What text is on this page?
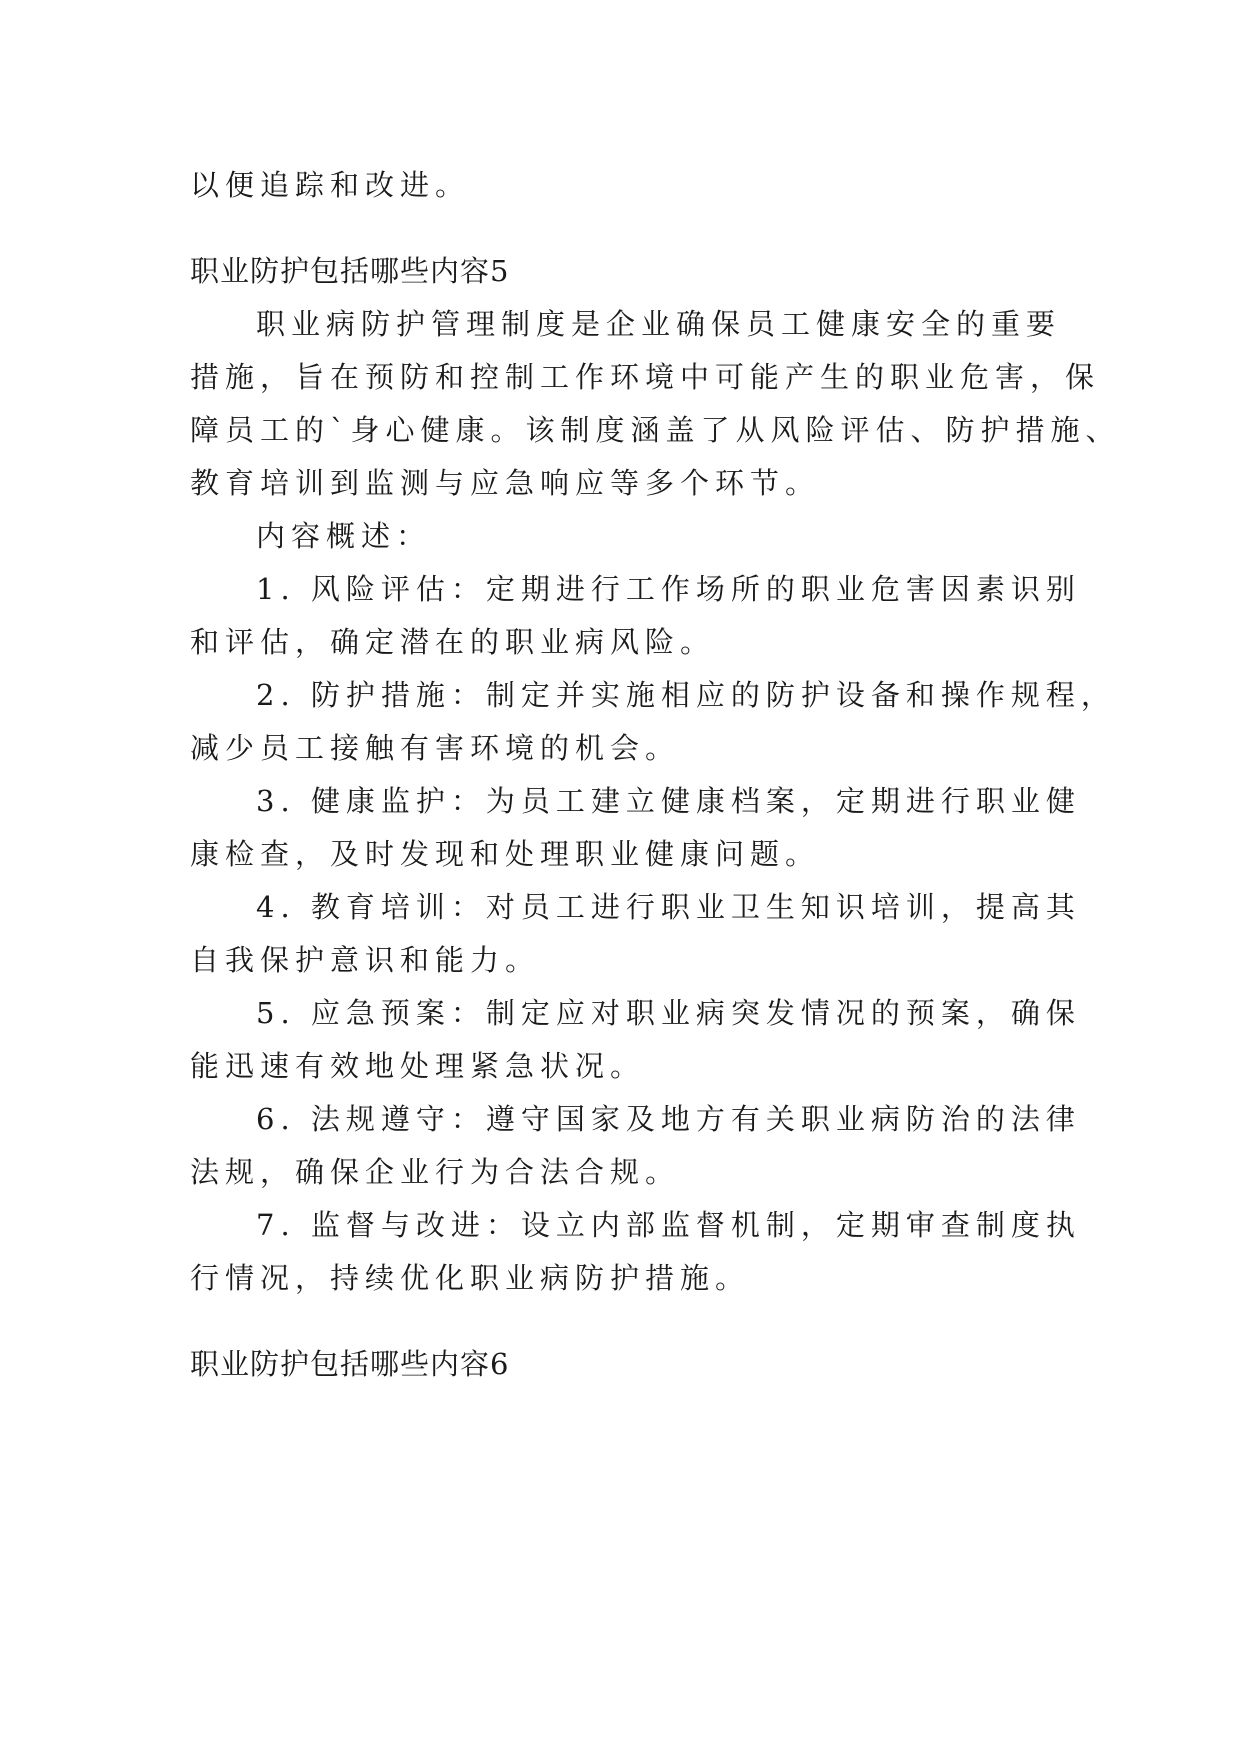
以便追踪和改进。
职业防护包括哪些内容5
职业病防护管理制度是企业确保员工健康安全的重要
措施，旨在预防和控制工作环境中可能产生的职业危害，保
障员工的`身心健康。该制度涵盖了从风险评估、防护措施、
教育培训到监测与应急响应等多个环节。
内容概述：
1. 风险评估：定期进行工作场所的职业危害因素识别
和评估，确定潜在的职业病风险。
2. 防护措施：制定并实施相应的防护设备和操作规程，
减少员工接触有害环境的机会。
3. 健康监护：为员工建立健康档案，定期进行职业健
康检查，及时发现和处理职业健康问题。
4. 教育培训：对员工进行职业卫生知识培训，提高其
自我保护意识和能力。
5. 应急预案：制定应对职业病突发情况的预案，确保
能迅速有效地处理紧急状况。
6. 法规遵守：遵守国家及地方有关职业病防治的法律
法规，确保企业行为合法合规。
7. 监督与改进：设立内部监督机制，定期审查制度执
行情况，持续优化职业病防护措施。
职业防护包括哪些内容6
